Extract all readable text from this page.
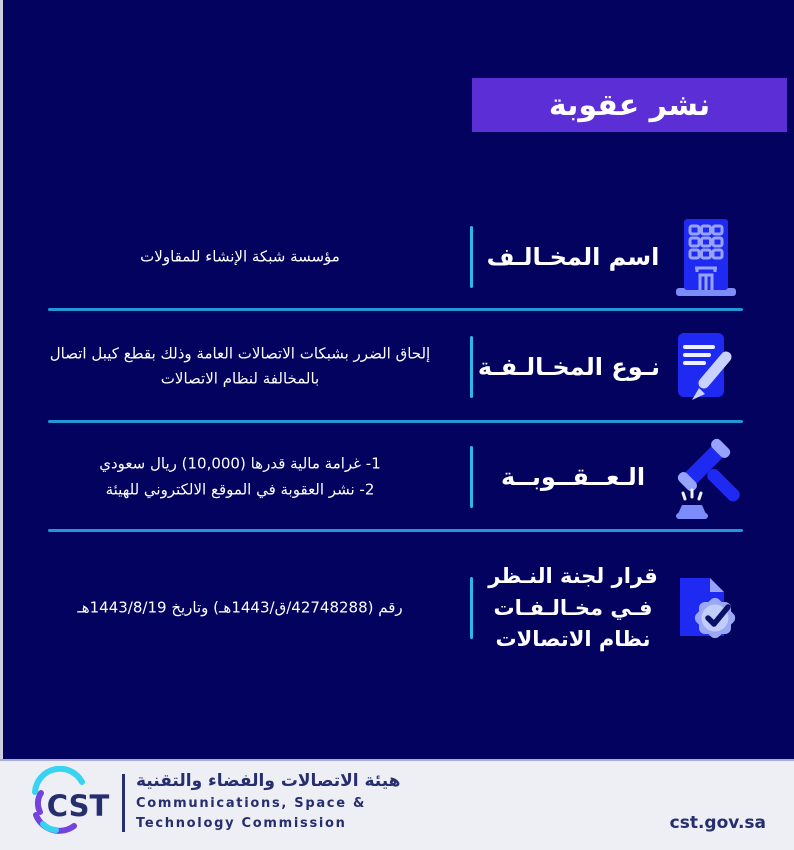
نشر عقوبة
اسم المخـالـف
مؤسسة شبكة الإنشاء للمقاولات
نـوع المخـالـفـة
إلحاق الضرر بشبكات الاتصالات العامة وذلك بقطع كيبل اتصال بالمخالفة لنظام الاتصالات
الـعــقــوبــة
1- غرامة مالية قدرها (10,000) ريال سعودي
2- نشر العقوبة في الموقع الالكتروني للهيئة
قرار لجنة النـظر
فـي مخـالـفـات
نظام الاتصالات
رقم (42748288/ق/1443هـ) وتاريخ 1443/8/19هـ
CST
هيئة الاتصالات والفضاء والتقنية
Communications, Space &
Technology Commission	cst.gov.sa
